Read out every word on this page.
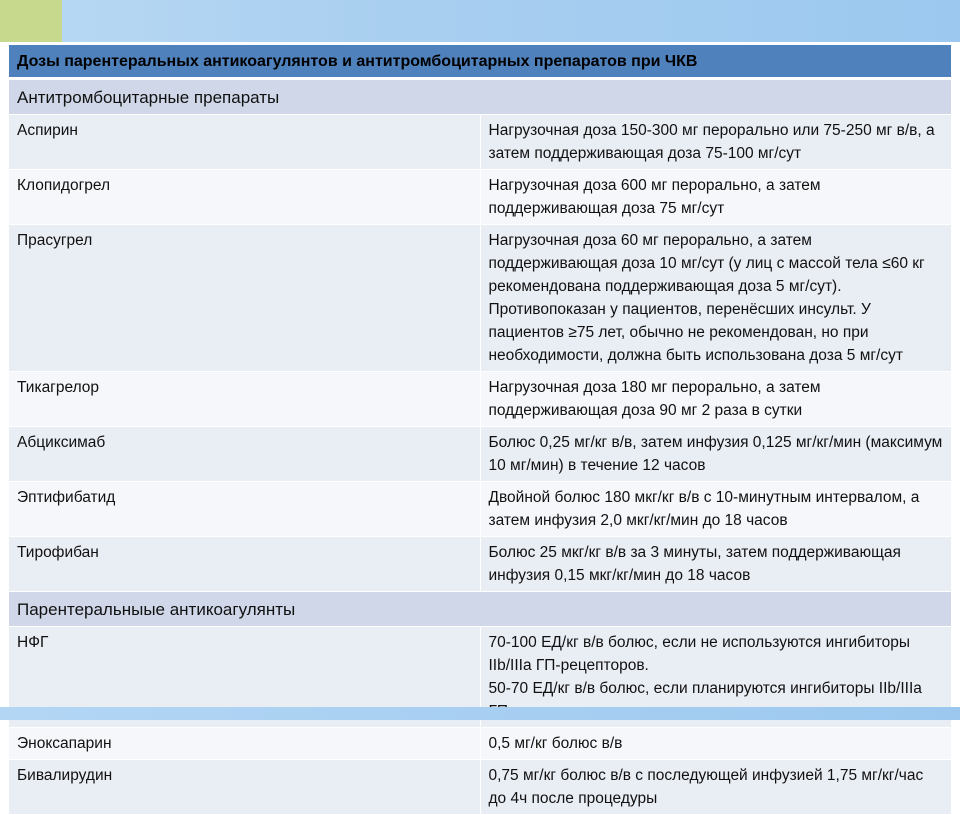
Дозы парентеральных антикоагулянтов и антитромбоцитарных препаратов при ЧКВ	
Антитромбоцитарные препараты	
Аспирин	Нагрузочная доза 150-300 мг перорально или 75-250 мг в/в, а затем поддерживающая доза 75-100 мг/сут
Клопидогрел	Нагрузочная доза 600 мг перорально, а затем поддерживающая доза 75 мг/сут
Прасугрел	Нагрузочная доза 60 мг перорально, а затем поддерживающая доза 10 мг/сут (у лиц с массой тела ≤60 кг рекомендована поддерживающая доза 5 мг/сут). Противопоказан у пациентов, перенёсших инсульт. У пациентов ≥75 лет, обычно не рекомендован, но при необходимости, должна быть использована доза 5 мг/сут
Тикагрелор	Нагрузочная доза 180 мг перорально, а затем поддерживающая доза 90 мг 2 раза в сутки
Абциксимаб	Болюс 0,25 мг/кг в/в, затем инфузия 0,125 мг/кг/мин (максимум 10 мг/мин) в течение 12 часов
Эптифибатид	Двойной болюс 180 мкг/кг в/в с 10-минутным интервалом, а затем инфузия 2,0 мкг/кг/мин до 18 часов
Тирофибан	Болюс 25 мкг/кг в/в за 3 минуты, затем поддерживающая инфузия 0,15 мкг/кг/мин до 18 часов
Парентеральныые антикоагулянты	
НФГ	70-100 ЕД/кг в/в болюс, если не используются ингибиторы IIb/IIIa ГП-рецепторов.
50-70 ЕД/кг в/в болюс, если планируются ингибиторы IIb/IIIa

Эноксапарин	0,5 мг/кг болюс в/в
Бивалирудин	0,75 мг/кг болюс в/в с последующей инфузией 1,75 мг/кг/час до 4ч после процедуры
